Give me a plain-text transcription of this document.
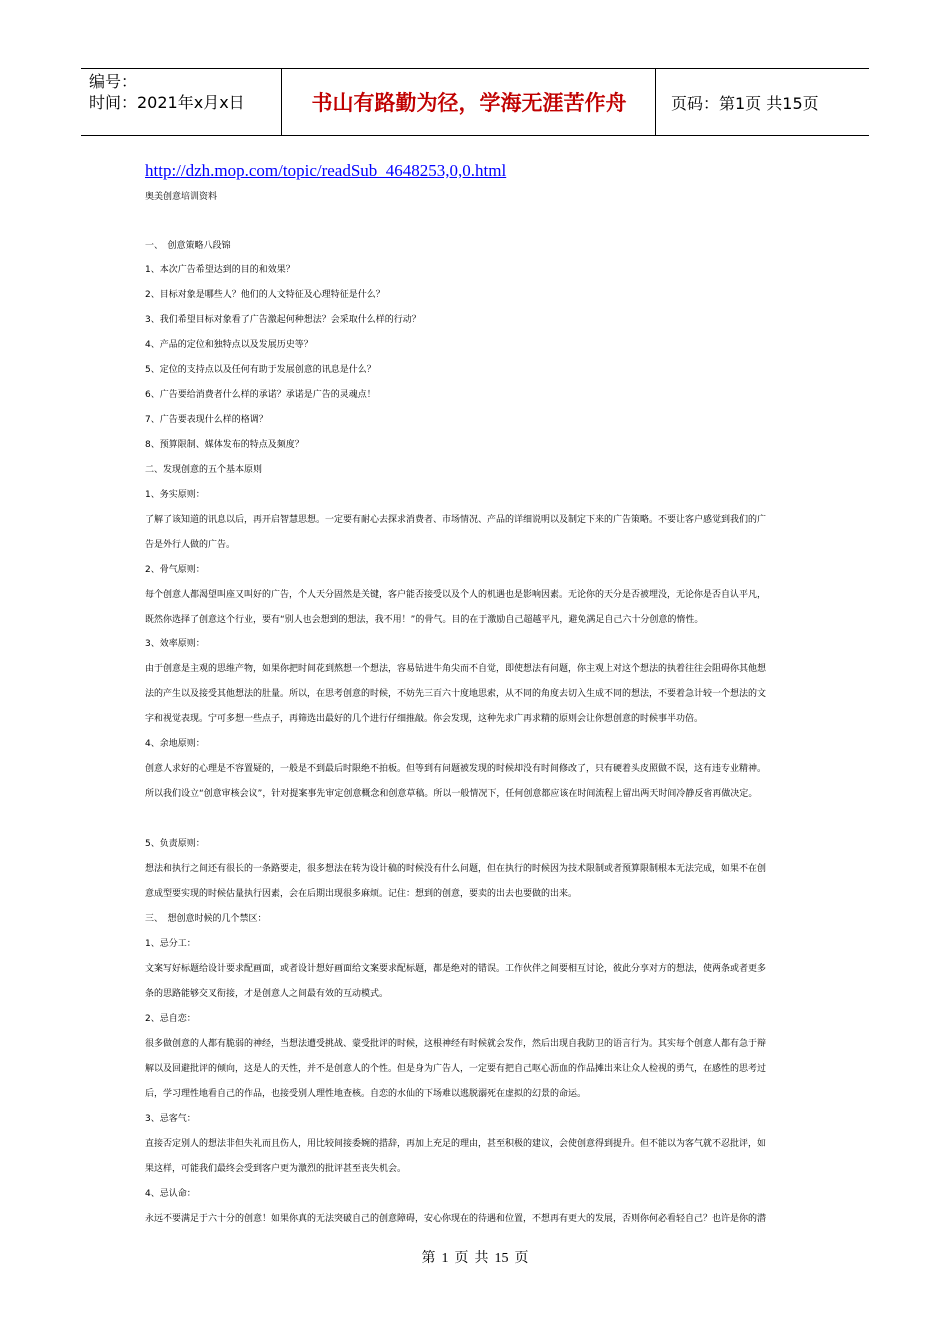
编号：
时间：2021年x月x日	书山有路勤为径，学海无涯苦作舟	页码：第1页 共15页
http://dzh.mop.com/topic/readSub_4648253,0,0.html
奥美创意培训资料
一、　创意策略八段锦
1、本次广告希望达到的目的和效果？
2、目标对象是哪些人？他们的人文特征及心理特征是什么？
3、我们希望目标对象看了广告激起何种想法？会采取什么样的行动？
4、产品的定位和独特点以及发展历史等？
5、定位的支持点以及任何有助于发展创意的讯息是什么？
6、广告要给消费者什么样的承诺？承诺是广告的灵魂点！
7、广告要表现什么样的格调？
8、预算限制、媒体发布的特点及频度？
二、发现创意的五个基本原则
1、务实原则：
了解了该知道的讯息以后，再开启智慧思想。一定要有耐心去探求消费者、市场情况、产品的详细说明以及制定下来的广告策略。不要让客户感觉到我们的广
告是外行人做的广告。
2、骨气原则：
每个创意人都渴望叫座又叫好的广告，个人天分固然是关键，客户能否接受以及个人的机遇也是影响因素。无论你的天分是否被埋没，无论你是否自认平凡，
既然你选择了创意这个行业，要有“别人也会想到的想法，我不用！”的骨气。目的在于激励自己超越平凡，避免满足自己六十分创意的惰性。
3、效率原则：
由于创意是主观的思维产物，如果你把时间花到熬想一个想法，容易钻进牛角尖而不自觉，即使想法有问题，你主观上对这个想法的执着往往会阻碍你其他想
法的产生以及接受其他想法的肚量。所以，在思考创意的时候，不妨先三百六十度地思索，从不同的角度去切入生成不同的想法，不要着急计较一个想法的文
字和视觉表现。宁可多想一些点子，再筛选出最好的几个进行仔细推敲。你会发现，这种先求广再求精的原则会让你想创意的时候事半功倍。
4、余地原则：
创意人求好的心理是不容置疑的，一般是不到最后时限绝不拍板。但等到有问题被发现的时候却没有时间修改了，只有硬着头皮照做不误，这有违专业精神。
所以我们设立“创意审核会议”，针对提案事先审定创意概念和创意草稿。所以一般情况下，任何创意都应该在时间流程上留出两天时间冷静反省再做决定。
5、负责原则：
想法和执行之间还有很长的一条路要走，很多想法在转为设计稿的时候没有什么问题，但在执行的时候因为技术限制或者预算限制根本无法完成，如果不在创
意成型要实现的时候估量执行因素，会在后期出现很多麻烦。记住：想到的创意，要卖的出去也要做的出来。
三、　想创意时候的几个禁区：
1、忌分工：
文案写好标题给设计要求配画面，或者设计想好画面给文案要求配标题，都是绝对的错误。工作伙伴之间要相互讨论，彼此分享对方的想法，使两条或者更多
条的思路能够交叉衔接，才是创意人之间最有效的互动模式。
2、忌自恋：
很多做创意的人都有脆弱的神经，当想法遭受挑战、蒙受批评的时候，这根神经有时候就会发作，然后出现自我防卫的语言行为。其实每个创意人都有急于辩
解以及回避批评的倾向，这是人的天性，并不是创意人的个性。但是身为广告人，一定要有把自己呕心沥血的作品摊出来让众人检视的勇气，在感性的思考过
后，学习理性地看自己的作品，也接受别人理性地查核。自恋的水仙的下场难以逃脱溺死在虚拟的幻景的命运。
3、忌客气：
直接否定别人的想法非但失礼而且伤人，用比较间接委婉的措辞，再加上充足的理由，甚至积极的建议，会使创意得到提升。但不能以为客气就不忍批评，如
果这样，可能我们最终会受到客户更为激烈的批评甚至丧失机会。
4、忌认命：
永远不要满足于六十分的创意！如果你真的无法突破自己的创意障碍，安心你现在的待遇和位置，不想再有更大的发展，否则你何必看轻自己？也许是你的潜
第 1 页 共 15 页
